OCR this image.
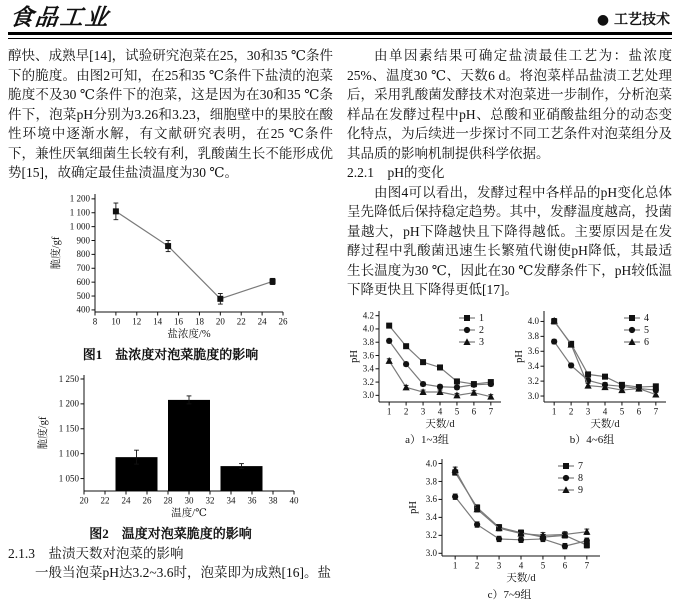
食品工业	● 工艺技术

醇快、成熟早[14]，试验研究泡菜在25，30和35 ℃条件下的脆度。由图2可知，在25和35 ℃条件下盐渍的泡菜脆度不及30 ℃条件下的泡菜，这是因为在30和35 ℃条件下，泡菜pH分别为3.26和3.23，细胞壁中的果胶在酸性环境中逐渐水解，有文献研究表明，在25 ℃条件下，兼性厌氧细菌生长较有利，乳酸菌生长不能形成优势[15]，故确定最佳盐渍温度为30 ℃。

8 10 12 14 16 18 20 22 24 26
400
500
600
700
800
900
1 000
1 100
1 200
盐浓度/%
脆度/gf

图1　盐浓度对泡菜脆度的影响

20 22 24 26 28 30 32 34 36 38 40
1 050
1 100
1 150
1 200
1 250
温度/℃
脆度/gf

图2　温度对泡菜脆度的影响

2.1.3　盐渍天数对泡菜的影响

一般当泡菜pH达3.2~3.6时，泡菜即为成熟[16]。盐

由单因素结果可确定盐渍最佳工艺为：盐浓度25%、温度30 ℃、天数6 d。将泡菜样品盐渍工艺处理后，采用乳酸菌发酵技术对泡菜进一步制作，分析泡菜样品在发酵过程中pH、总酸和亚硝酸盐组分的动态变化特点，为后续进一步探讨不同工艺条件对泡菜组分及其品质的影响机制提供科学依据。

2.2.1　pH的变化

由图4可以看出，发酵过程中各样品的pH变化总体呈先降低后保持稳定趋势。其中，发酵温度越高，投菌量越大，pH下降越快且下降得越低。主要原因是在发酵过程中乳酸菌迅速生长繁殖代谢使pH降低，其最适生长温度为30 ℃，因此在30 ℃发酵条件下，pH较低温下降更快且下降得更低[17]。

1 2 3 4 5 6 7
3.0
3.2
3.4
3.6
3.8
4.0
4.2
天数/d
pH
1
2
3

a）1~3组

1 2 3 4 5 6 7
3.0
3.2
3.4
3.6
3.8
4.0
天数/d
pH
4
5
6

b）4~6组

1 2 3 4 5 6 7
3.0
3.2
3.4
3.6
3.8
4.0
天数/d
pH
7
8
9

c）7~9组
